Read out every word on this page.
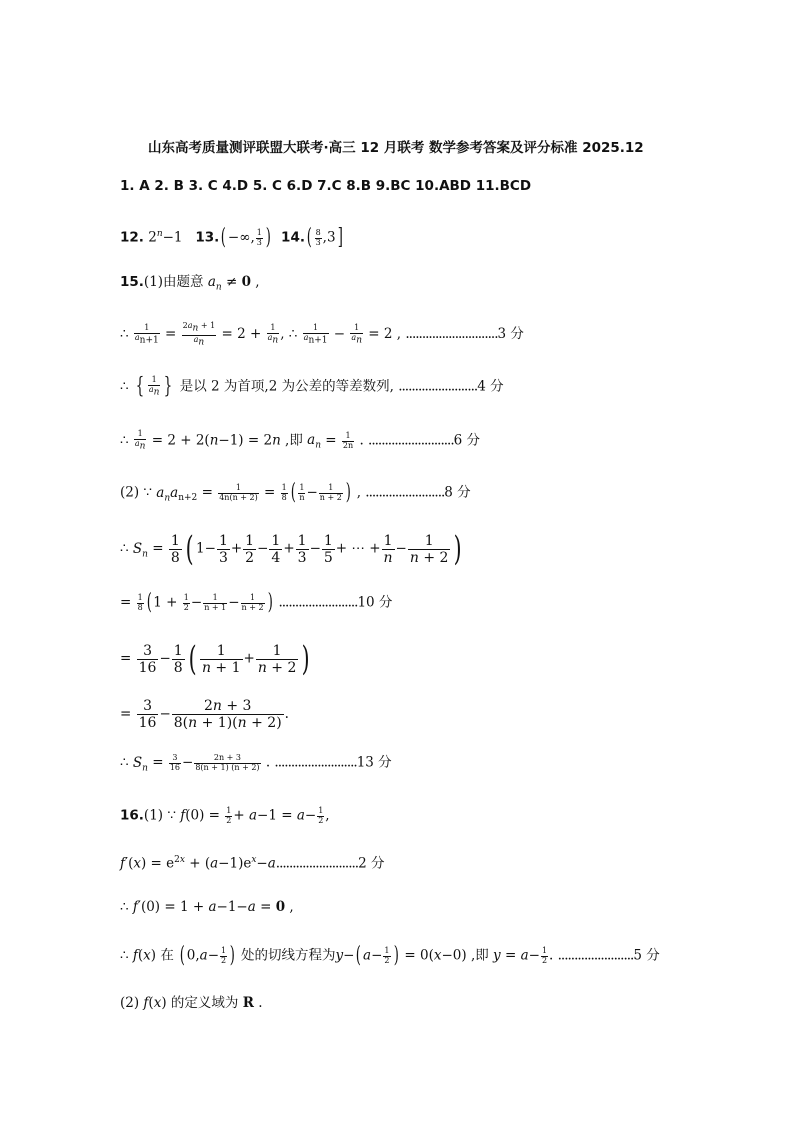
山东高考质量测评联盟大联考·高三 12 月联考 数学参考答案及评分标准 2025.12
1. A 2. B 3. C 4.D 5. C 6.D 7.C 8.B 9.BC 10.ABD 11.BCD
12. $2^n-1$   13.( −∞, $\frac{1}{3}$ ) $14.( \frac{8}{3} ,3]$
15.(1)由题意 $a_n \ne 0$ ,
∴ $\frac{1}{a_{n+1}} = \frac{2a_n + 1}{a_n} = 2 + \frac{1}{a_n}$ , ∴ $\frac{1}{a_{n+1}} - \frac{1}{a_n} = 2$ , ............................3 分
∴ { $\frac{1}{a_n}$ } 是以 2 为首项,2 为公差的等差数列, ........................4 分
∴ $\frac{1}{a_n} = 2 + 2(n-1) = 2n$ ,即 $a_n = \frac{1}{2n}$ . ..........................6 分
(2) ∵ $a_na_{n+2} = \frac{1}{4n(n + 2)} = \frac{1}{8}$ ( $\frac{1}{n} - \frac{1}{n + 2}$ ) , ........................8 分
∴ $S_n = \frac{1}{8}$ ( $1- \frac{1}{3} + \frac{1}{2} - \frac{1}{4} + \frac{1}{3} - \frac{1}{5}$ + ⋯ + $\frac{1}{n} - \frac{1}{n + 2}$ )
= $\frac{1}{8}$ ( $1 + \frac{1}{2} - \frac{1}{n + 1} - \frac{1}{n + 2}$ ) ........................10 分
= $\frac{3}{16} - \frac{1}{8}$ ( $\frac{1}{n + 1} + \frac{1}{n + 2}$ )
= $\frac{3}{16} - \frac{2n + 3}{8(n + 1)(n + 2)}$ .
∴ $S_n = \frac{3}{16} - \frac{2n + 3}{8(n + 1) (n + 2)}$ . .........................13 分
16.(1) ∵ $f(0) = \frac{1}{2} + a-1 = a- \frac{1}{2}$ ,
$f'(x) = e^{2x} + (a-1)e^x-a.........................2$ 分
∴ f′(0) = 1 + a−1−a = 0 ,
∴ f(x) 在 ( $0,a- \frac{1}{2}$ ) 处的切线方程为y−( $a- \frac{1}{2}$ ) = 0(x−0) ,即 $y = a- \frac{1}{2}$ . .......................5 分
(2) f(x) 的定义域为 R .
